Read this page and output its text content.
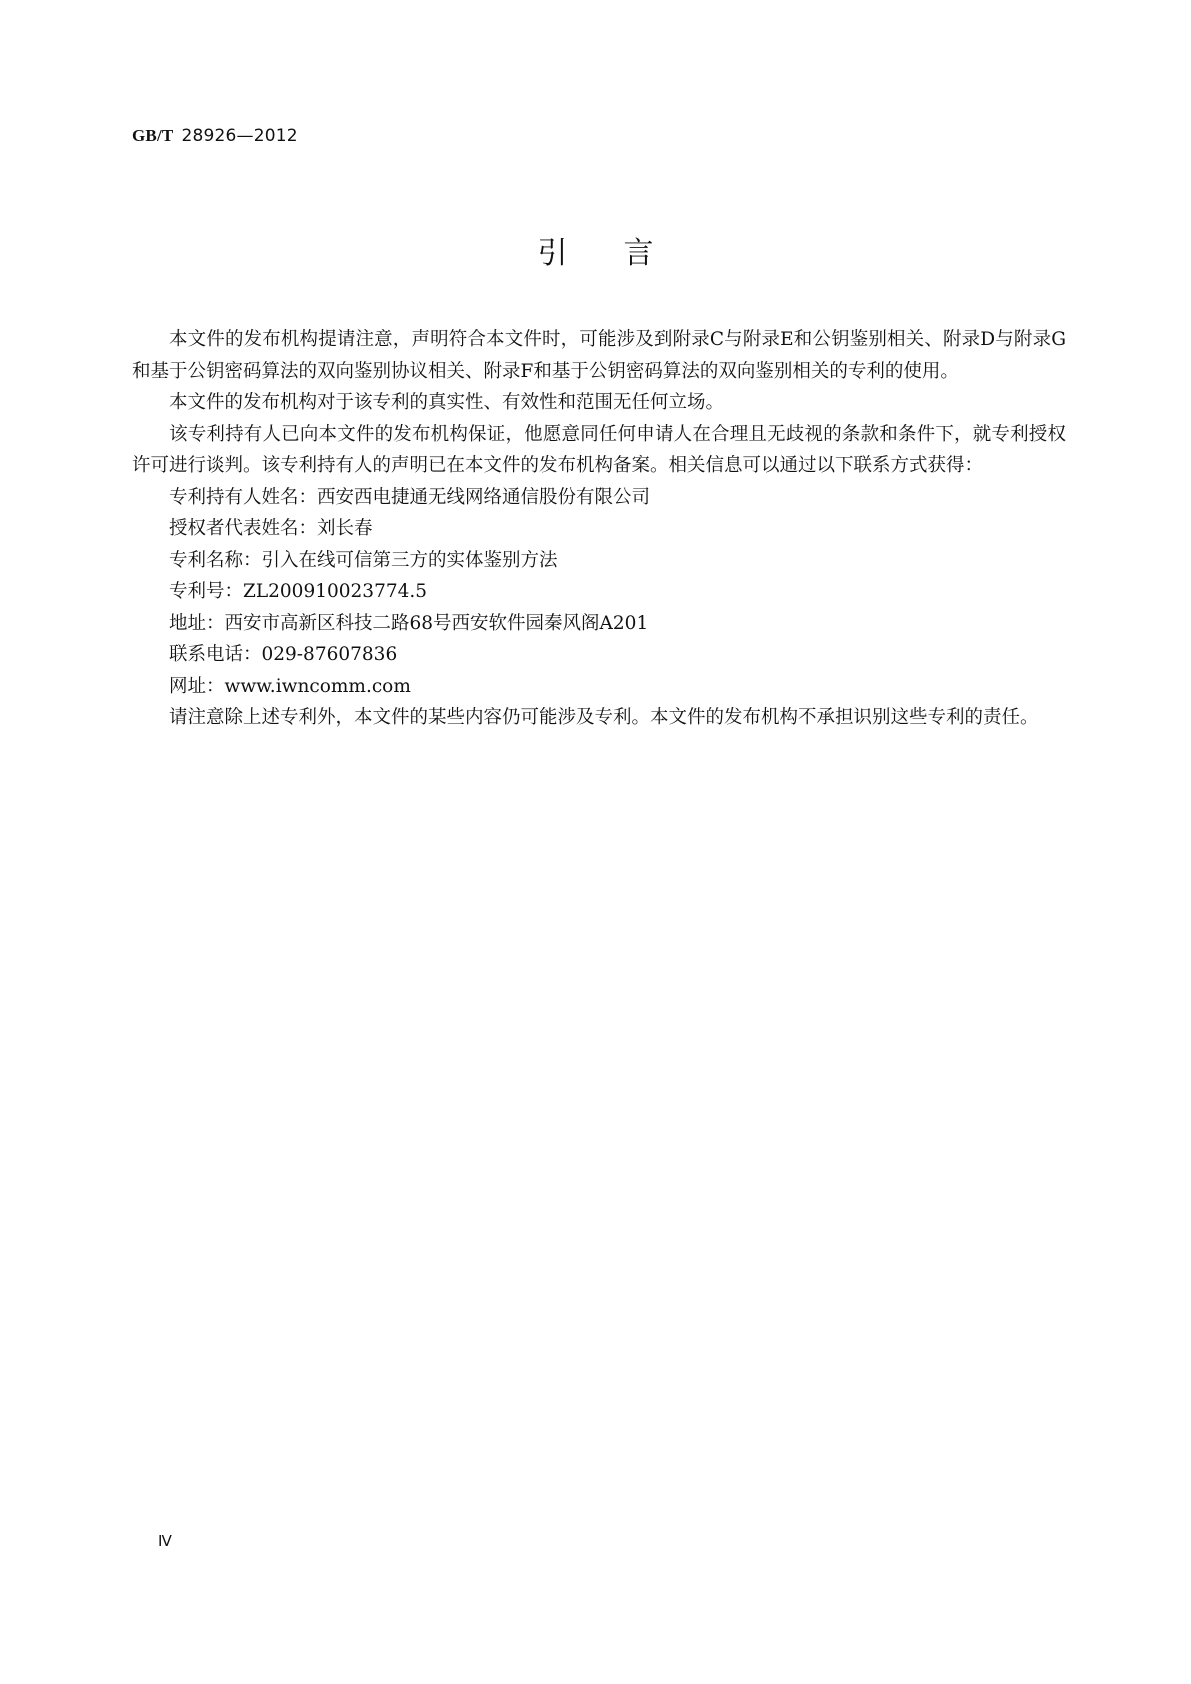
GB/T 28926—2012
引言

本文件的发布机构提请注意，声明符合本文件时，可能涉及到附录C与附录E和公钥鉴别相关、附录D与附录G和基于公钥密码算法的双向鉴别协议相关、附录F和基于公钥密码算法的双向鉴别相关的专利的使用。

本文件的发布机构对于该专利的真实性、有效性和范围无任何立场。

该专利持有人已向本文件的发布机构保证，他愿意同任何申请人在合理且无歧视的条款和条件下，就专利授权许可进行谈判。该专利持有人的声明已在本文件的发布机构备案。相关信息可以通过以下联系方式获得：

专利持有人姓名：西安西电捷通无线网络通信股份有限公司

授权者代表姓名：刘长春

专利名称：引入在线可信第三方的实体鉴别方法

专利号：ZL200910023774.5

地址：西安市高新区科技二路68号西安软件园秦风阁A201

联系电话：029-87607836

网址：www.iwncomm.com

请注意除上述专利外，本文件的某些内容仍可能涉及专利。本文件的发布机构不承担识别这些专利的责任。

Ⅳ
